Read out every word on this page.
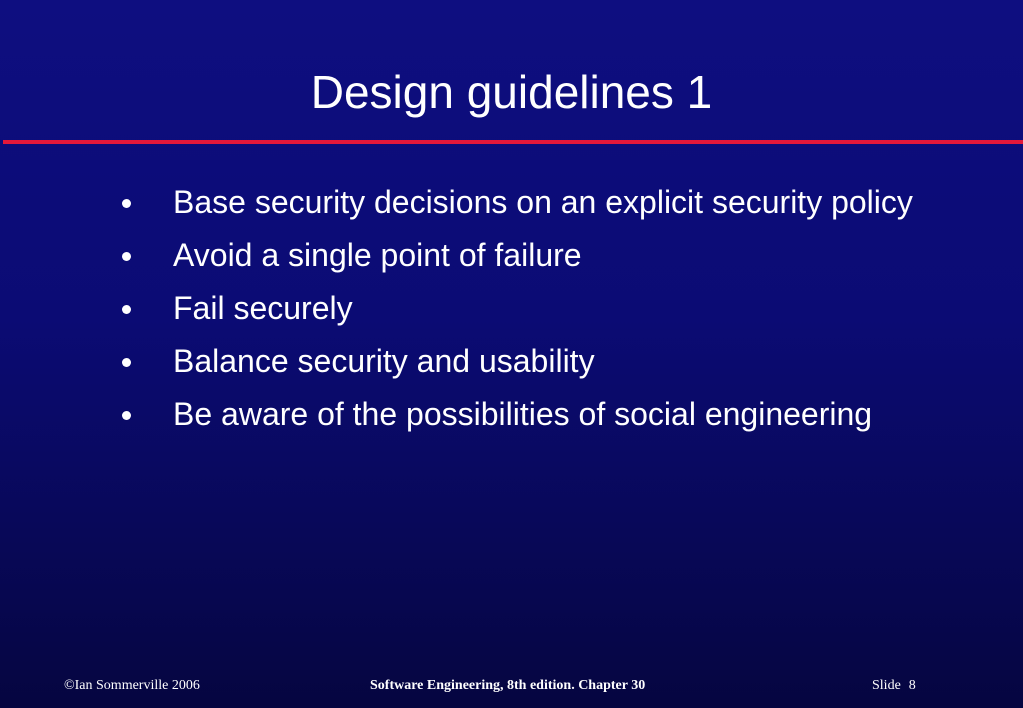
Design guidelines 1
Base security decisions on an explicit security policy
Avoid a single point of failure
Fail securely
Balance security and usability
Be aware of the possibilities of social engineering
©Ian Sommerville 2006	Software Engineering, 8th edition. Chapter 30	Slide 8
